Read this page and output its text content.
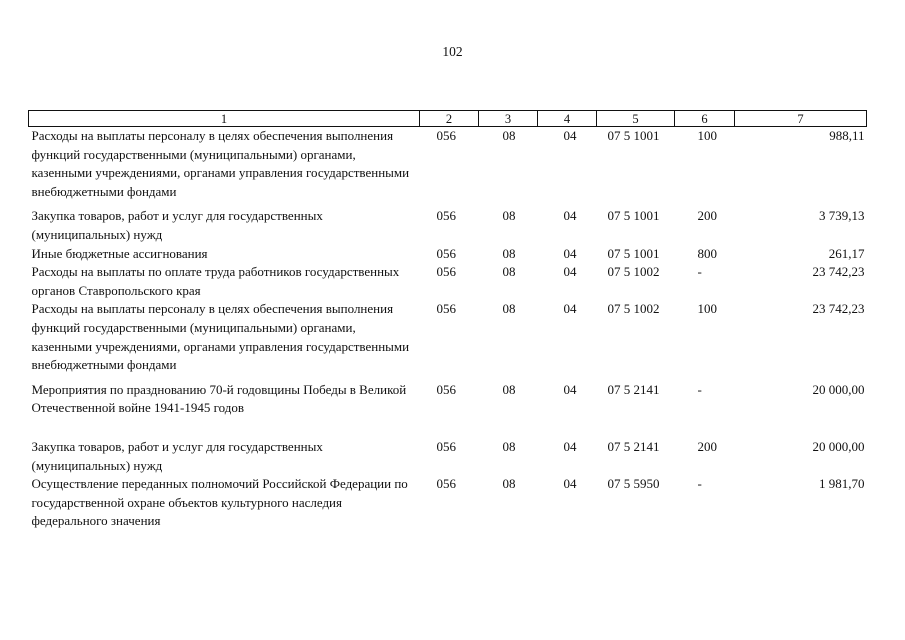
102
1	2	3	4	5	6	7
Расходы на выплаты персоналу в целях обеспечения выполнения функций государственными (муниципальными) органами, казенными учреждениями, органами управления государственными внебюджетными фондами	056	08	04	07 5 1001	100	988,11
Закупка товаров, работ и услуг для государственных (муниципальных) нужд	056	08	04	07 5 1001	200	3 739,13
Иные бюджетные ассигнования	056	08	04	07 5 1001	800	261,17
Расходы на выплаты по оплате труда работников государственных органов Ставропольского края	056	08	04	07 5 1002	-	23 742,23
Расходы на выплаты персоналу в целях обеспечения выполнения функций государственными (муниципальными) органами, казенными учреждениями, органами управления государственными внебюджетными фондами	056	08	04	07 5 1002	100	23 742,23
Мероприятия по празднованию 70-й годовщины Победы в Великой Отечественной войне 1941-1945 годов	056	08	04	07 5 2141	-	20 000,00
Закупка товаров, работ и услуг для государственных (муниципальных) нужд	056	08	04	07 5 2141	200	20 000,00
Осуществление переданных полномочий Российской Федерации по государственной охране объектов культурного наследия федерального значения	056	08	04	07 5 5950	-	1 981,70
